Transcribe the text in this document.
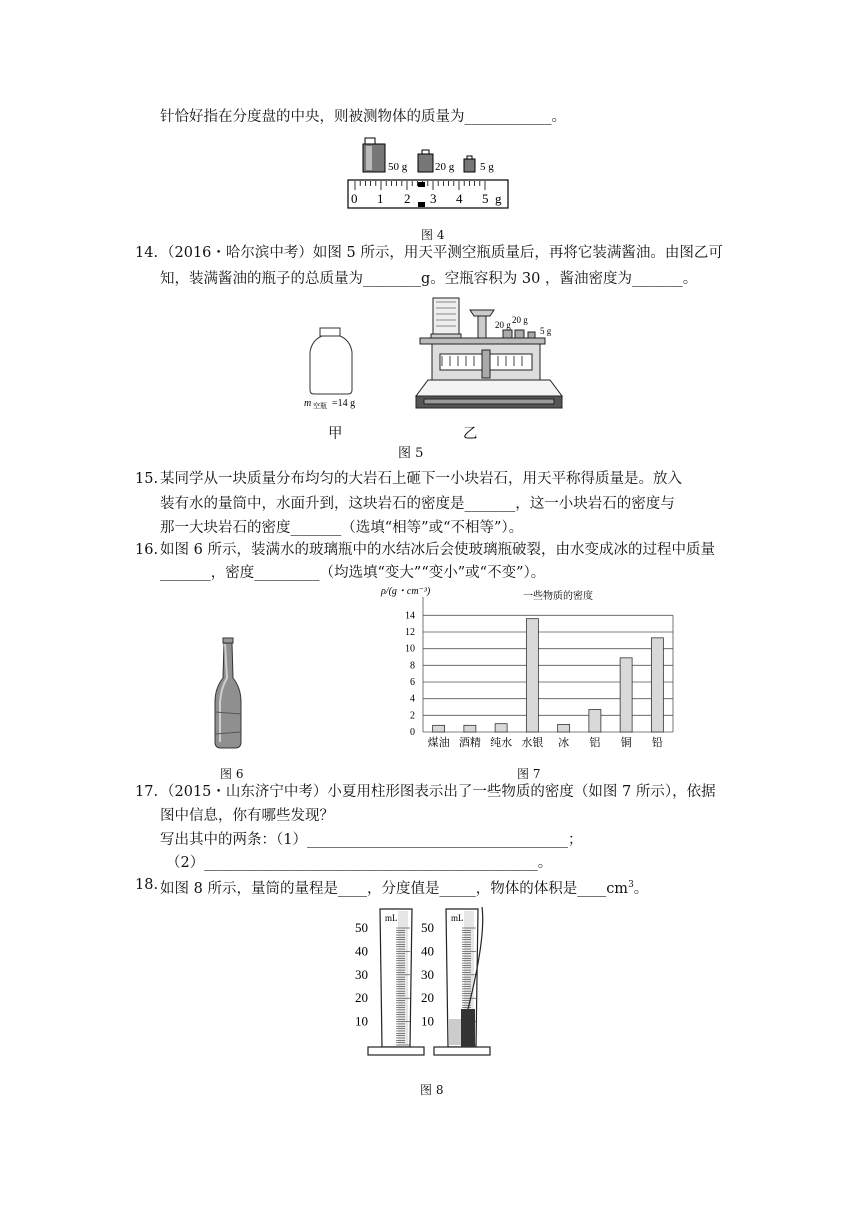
针恰好指在分度盘的中央，则被测物体的质量为____________。
50 g	20 g 5 g
0 1 2 3 4 5 g
图 4
14. （2016・哈尔滨中考）如图 5 所示，用天平测空瓶质量后，再将它装满酱油。由图乙可
知，装满酱油的瓶子的总质量为________g。空瓶容积为 30 ，酱油密度为_______。
m 空瓶 =14 g
20 g 20 g
5 g
甲	乙
图 5
15. 某同学从一块质量分布均匀的大岩石上砸下一小块岩石，用天平称得质量是。放入
装有水的量筒中，水面升到，这块岩石的密度是_______，这一小块岩石的密度与
那一大块岩石的密度_______（选填“相等”或“不相等”）。
16. 如图 6 所示，装满水的玻璃瓶中的水结冰后会使玻璃瓶破裂，由水变成冰的过程中质量
_______，密度_________（均选填“变大”“变小”或“不变”）。
图 6
ρ/(g・cm⁻³)	一些物质的密度
0
2
4
6
8
10
12
14
煤油 酒精 纯水 水银 冰 铝 铜 铅
图 7
17. （2015・山东济宁中考）小夏用柱形图表示出了一些物质的密度（如图 7 所示），依据
图中信息，你有哪些发现？
写出其中的两条：（1）____________________________________；
（2）______________________________________________。
18. 如图 8 所示，量筒的量程是____，分度值是_____，物体的体积是$\_\_\_\_cm^3$。
mL
50
40
30
20
10
mL
50
40
30
20
10
图 8
